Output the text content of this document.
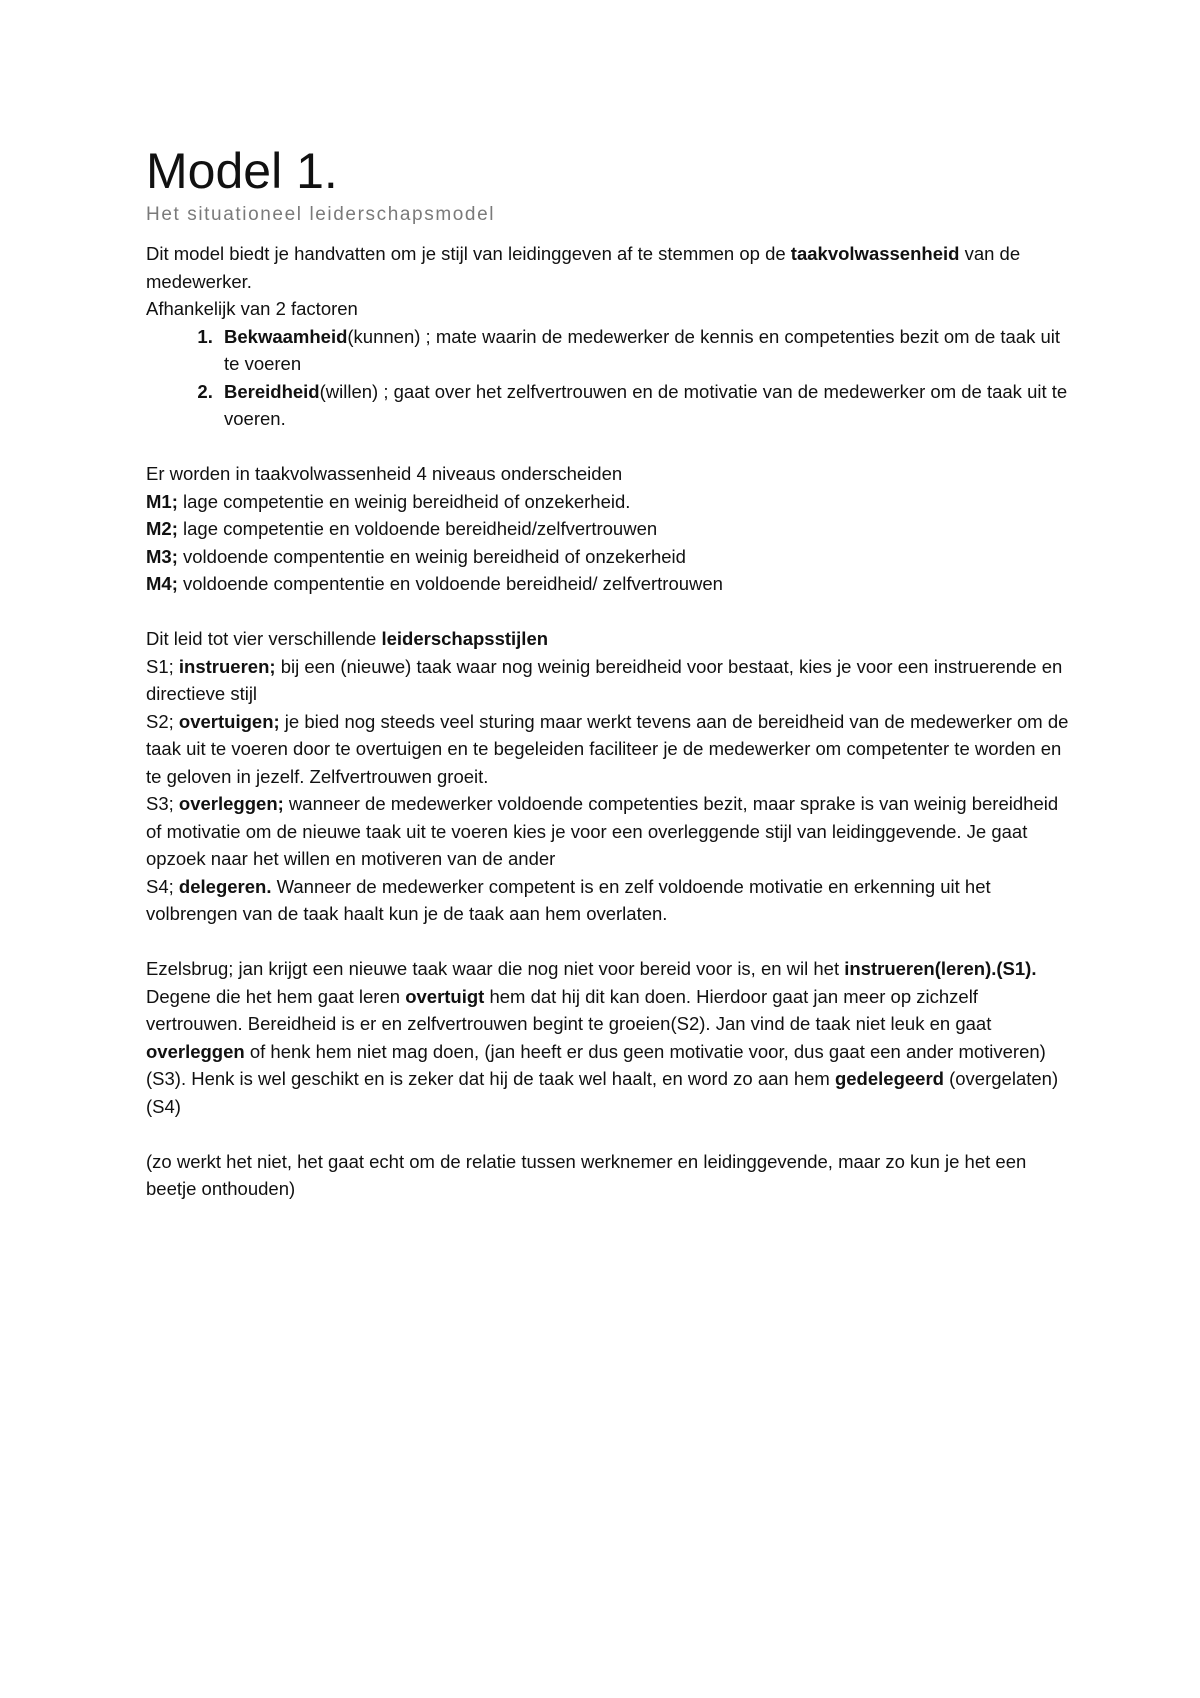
Model 1.
Het situationeel leiderschapsmodel

Dit model biedt je handvatten om je stijl van leidinggeven af te stemmen op de taakvolwassenheid van de medewerker.

Afhankelijk van 2 factoren

1. Bekwaamheid(kunnen) ; mate waarin de medewerker de kennis en competenties bezit om de taak uit te voeren
2. Bereidheid(willen) ; gaat over het zelfvertrouwen en de motivatie van de medewerker om de taak uit te voeren.

Er worden in taakvolwassenheid 4 niveaus onderscheiden

M1; lage competentie en weinig bereidheid of onzekerheid.

M2; lage competentie en voldoende bereidheid/zelfvertrouwen

M3; voldoende compententie en weinig bereidheid of onzekerheid

M4; voldoende compententie en voldoende bereidheid/ zelfvertrouwen

Dit leid tot vier verschillende leiderschapsstijlen

S1; instrueren; bij een (nieuwe) taak waar nog weinig bereidheid voor bestaat, kies je voor een instruerende en directieve stijl

S2; overtuigen; je bied nog steeds veel sturing maar werkt tevens aan de bereidheid van de medewerker om de taak uit te voeren door te overtuigen en te begeleiden faciliteer je de medewerker om competenter te worden en te geloven in jezelf. Zelfvertrouwen groeit.

S3; overleggen; wanneer de medewerker voldoende competenties bezit, maar sprake is van weinig bereidheid of motivatie om de nieuwe taak uit te voeren kies je voor een overleggende stijl van leidinggevende. Je gaat opzoek naar het willen en motiveren van de ander

S4; delegeren. Wanneer de medewerker competent is en zelf voldoende motivatie en erkenning uit het volbrengen van de taak haalt kun je de taak aan hem overlaten.

Ezelsbrug; jan krijgt een nieuwe taak waar die nog niet voor bereid voor is, en wil het instrueren(leren).(S1). Degene die het hem gaat leren overtuigt hem dat hij dit kan doen. Hierdoor gaat jan meer op zichzelf vertrouwen. Bereidheid is er en zelfvertrouwen begint te groeien(S2). Jan vind de taak niet leuk en gaat overleggen of henk hem niet mag doen, (jan heeft er dus geen motivatie voor, dus gaat een ander motiveren) (S3). Henk is wel geschikt en is zeker dat hij de taak wel haalt, en word zo aan hem gedelegeerd (overgelaten) (S4)

(zo werkt het niet, het gaat echt om de relatie tussen werknemer en leidinggevende, maar zo kun je het een beetje onthouden)
